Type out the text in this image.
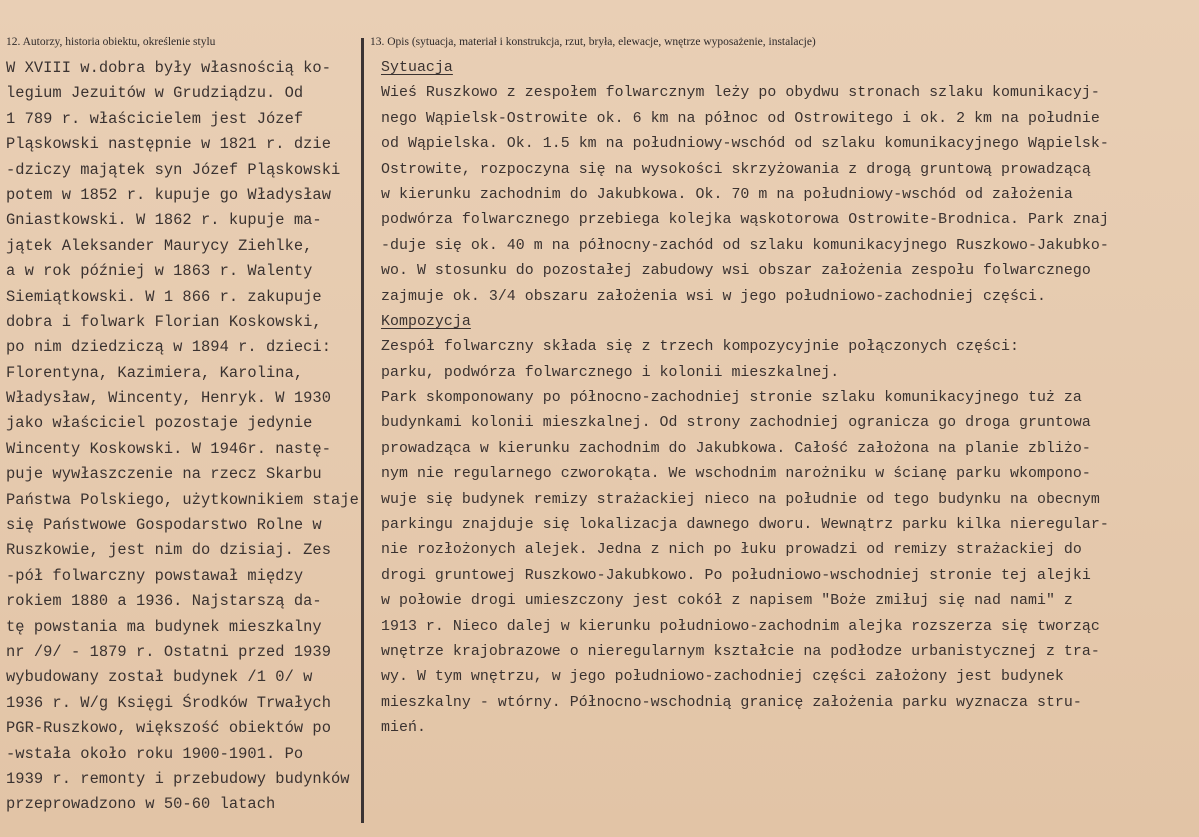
12. Autorzy, historia obiektu, określenie stylu	13. Opis (sytuacja, materiał i konstrukcja, rzut, bryła, elewacje, wnętrze wyposażenie, instalacje)
W XVIII w.dobra były własnością ko-
legium Jezuitów w Grudziądzu. Od
1 789 r. właścicielem jest Józef
Pląskowski następnie w 1821 r. dzie
-dziczy majątek syn Józef Pląskowski
potem w 1852 r. kupuje go Władysław
Gniastkowski. W 1862 r. kupuje ma-
jątek Aleksander Maurycy Ziehlke,
a w rok później w 1863 r. Walenty
Siemiątkowski. W 1 866 r. zakupuje
dobra i folwark Florian Koskowski,
po nim dziedziczą w 1894 r. dzieci:
Florentyna, Kazimiera, Karolina,
Władysław, Wincenty, Henryk. W 1930
jako właściciel pozostaje jedynie
Wincenty Koskowski. W 1946r. nastę-
puje wywłaszczenie na rzecz Skarbu
Państwa Polskiego, użytkownikiem staje
się Państwowe Gospodarstwo Rolne w
Ruszkowie, jest nim do dzisiaj. Zes
-pół folwarczny powstawał między
rokiem 1880 a 1936. Najstarszą da-
tę powstania ma budynek mieszkalny
nr /9/ - 1879 r. Ostatni przed 1939
wybudowany został budynek /1 0/ w
1936 r. W/g Księgi Środków Trwałych
PGR-Ruszkowo, większość obiektów po
-wstała około roku 1900-1901. Po
1939 r. remonty i przebudowy budynków
przeprowadzono w 50-60 latach
Sytuacja
Wieś Ruszkowo z zespołem folwarcznym leży po obydwu stronach szlaku komunikacyj-
nego Wąpielsk-Ostrowite ok. 6 km na północ od Ostrowitego i ok. 2 km na południe
od Wąpielska. Ok. 1.5 km na południowy-wschód od szlaku komunikacyjnego Wąpielsk-
Ostrowite, rozpoczyna się na wysokości skrzyżowania z drogą gruntową prowadzącą
w kierunku zachodnim do Jakubkowa. Ok. 70 m na południowy-wschód od założenia
podwórza folwarcznego przebiega kolejka wąskotorowa Ostrowite-Brodnica. Park znaj
-duje się ok. 40 m na północny-zachód od szlaku komunikacyjnego Ruszkowo-Jakubko-
wo. W stosunku do pozostałej zabudowy wsi obszar założenia zespołu folwarcznego
zajmuje ok. 3/4 obszaru założenia wsi w jego południowo-zachodniej części.
Kompozycja
Zespół folwarczny składa się z trzech kompozycyjnie połączonych części:
parku, podwórza folwarcznego i kolonii mieszkalnej.
Park skomponowany po północno-zachodniej stronie szlaku komunikacyjnego tuż za
budynkami kolonii mieszkalnej. Od strony zachodniej ogranicza go droga gruntowa
prowadząca w kierunku zachodnim do Jakubkowa. Całość założona na planie zbliżo-
nym nie regularnego czworokąta. We wschodnim narożniku w ścianę parku wkompono-
wuje się budynek remizy strażackiej nieco na południe od tego budynku na obecnym
parkingu znajduje się lokalizacja dawnego dworu. Wewnątrz parku kilka nieregular-
nie rozłożonych alejek. Jedna z nich po łuku prowadzi od remizy strażackiej do
drogi gruntowej Ruszkowo-Jakubkowo. Po południowo-wschodniej stronie tej alejki
w połowie drogi umieszczony jest cokół z napisem "Boże zmiłuj się nad nami" z
1913 r. Nieco dalej w kierunku południowo-zachodnim alejka rozszerza się tworząc
wnętrze krajobrazowe o nieregularnym kształcie na podłodze urbanistycznej z tra-
wy. W tym wnętrzu, w jego południowo-zachodniej części założony jest budynek
mieszkalny - wtórny. Północno-wschodnią granicę założenia parku wyznacza stru-
mień.
